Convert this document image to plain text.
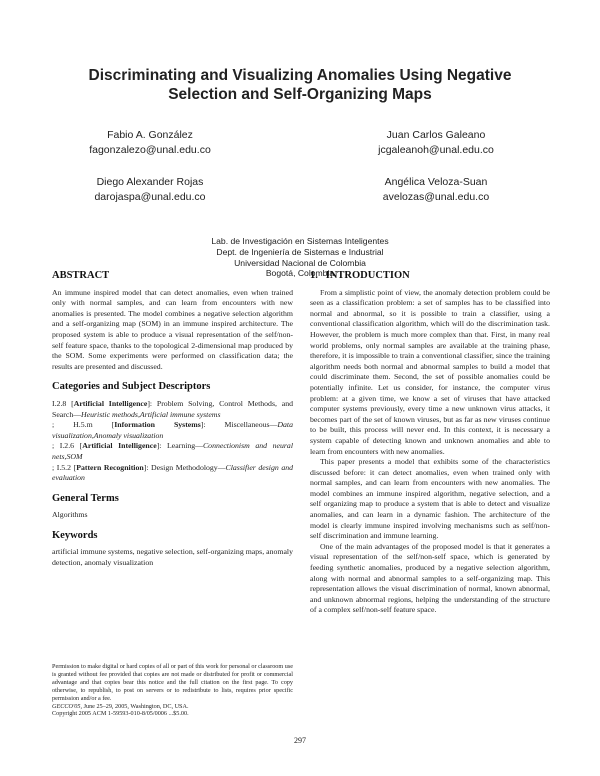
Discriminating and Visualizing Anomalies Using Negative
Selection and Self-Organizing Maps
Fabio A. González
fagonzalezo@unal.edu.co
Juan Carlos Galeano
jcgaleanoh@unal.edu.co
Diego Alexander Rojas
darojaspa@unal.edu.co
Angélica Veloza-Suan
avelozas@unal.edu.co
Lab. de Investigación en Sistemas Inteligentes
Dept. de Ingeniería de Sistemas e Industrial
Universidad Nacional de Colombia
Bogotá, Colombia
ABSTRACT

An immune inspired model that can detect anomalies, even when trained only with normal samples, and can learn from encounters with new anomalies is presented. The model combines a negative selection algorithm and a self-organizing map (SOM) in an immune inspired architecture. The proposed system is able to produce a visual representation of the self/non-self feature space, thanks to the topological 2-dimensional map produced by the SOM. Some experiments were performed on classification data; the results are presented and discussed.

Categories and Subject Descriptors

I.2.8 [Artificial Intelligence]: Problem Solving, Control Methods, and Search—Heuristic methods,Artificial immune systems
; H.5.m [Information Systems]: Miscellaneous—Data visualization,Anomaly visualization
; I.2.6 [Artificial Intelligence]: Learning—Connectionism and neural nets,SOM
; I.5.2 [Pattern Recognition]: Design Methodology—Classifier design and evaluation

General Terms

Algorithms

Keywords

artificial immune systems, negative selection, self-organizing maps, anomaly detection, anomaly visualization

Permission to make digital or hard copies of all or part of this work for personal or classroom use is granted without fee provided that copies are not made or distributed for profit or commercial advantage and that copies bear this notice and the full citation on the first page. To copy otherwise, to republish, to post on servers or to redistribute to lists, requires prior specific permission and/or a fee.
GECCO'05, June 25–29, 2005, Washington, DC, USA.
Copyright 2005 ACM 1-59593-010-8/05/0006 ...$5.00.
1.   INTRODUCTION

From a simplistic point of view, the anomaly detection problem could be seen as a classification problem: a set of samples has to be classified into normal and abnormal, so it is possible to train a classifier, using a conventional classification algorithm, which will do the discrimination task. However, the problem is much more complex than that. First, in many real world problems, only normal samples are available at the training phase, therefore, it is impossible to train a conventional classifier, since the training algorithm needs both normal and abnormal samples to build a model that could discriminate them. Second, the set of possible anomalies could be potentially infinite. Let us consider, for instance, the computer virus problem: at a given time, we know a set of viruses that have attacked computer systems previously, every time a new unknown virus attacks, it becomes part of the set of known viruses, but as far as new viruses continue to be built, this process will never end. In this context, it is necessary a system capable of detecting known and unknown anomalies and able to learn from encounters with new anomalies.

This paper presents a model that exhibits some of the characteristics discussed before: it can detect anomalies, even when trained only with normal samples, and can learn from encounters with new anomalies. The model combines an immune inspired algorithm, negative selection, and a self organizing map to produce a system that is able to detect and visualize anomalies, and can learn in a dynamic fashion. The architecture of the model is clearly immune inspired involving mechanisms such as self/non-self discrimination and immune learning.

One of the main advantages of the proposed model is that it generates a visual representation of the self/non-self space, which is generated by feeding synthetic anomalies, produced by a negative selection algorithm, along with normal and abnormal samples to a self-organizing map. This representation allows the visual discrimination of normal, known abnormal, and unknown abnormal regions, helping the understanding of the structure of a complex self/non-self feature space.

297
